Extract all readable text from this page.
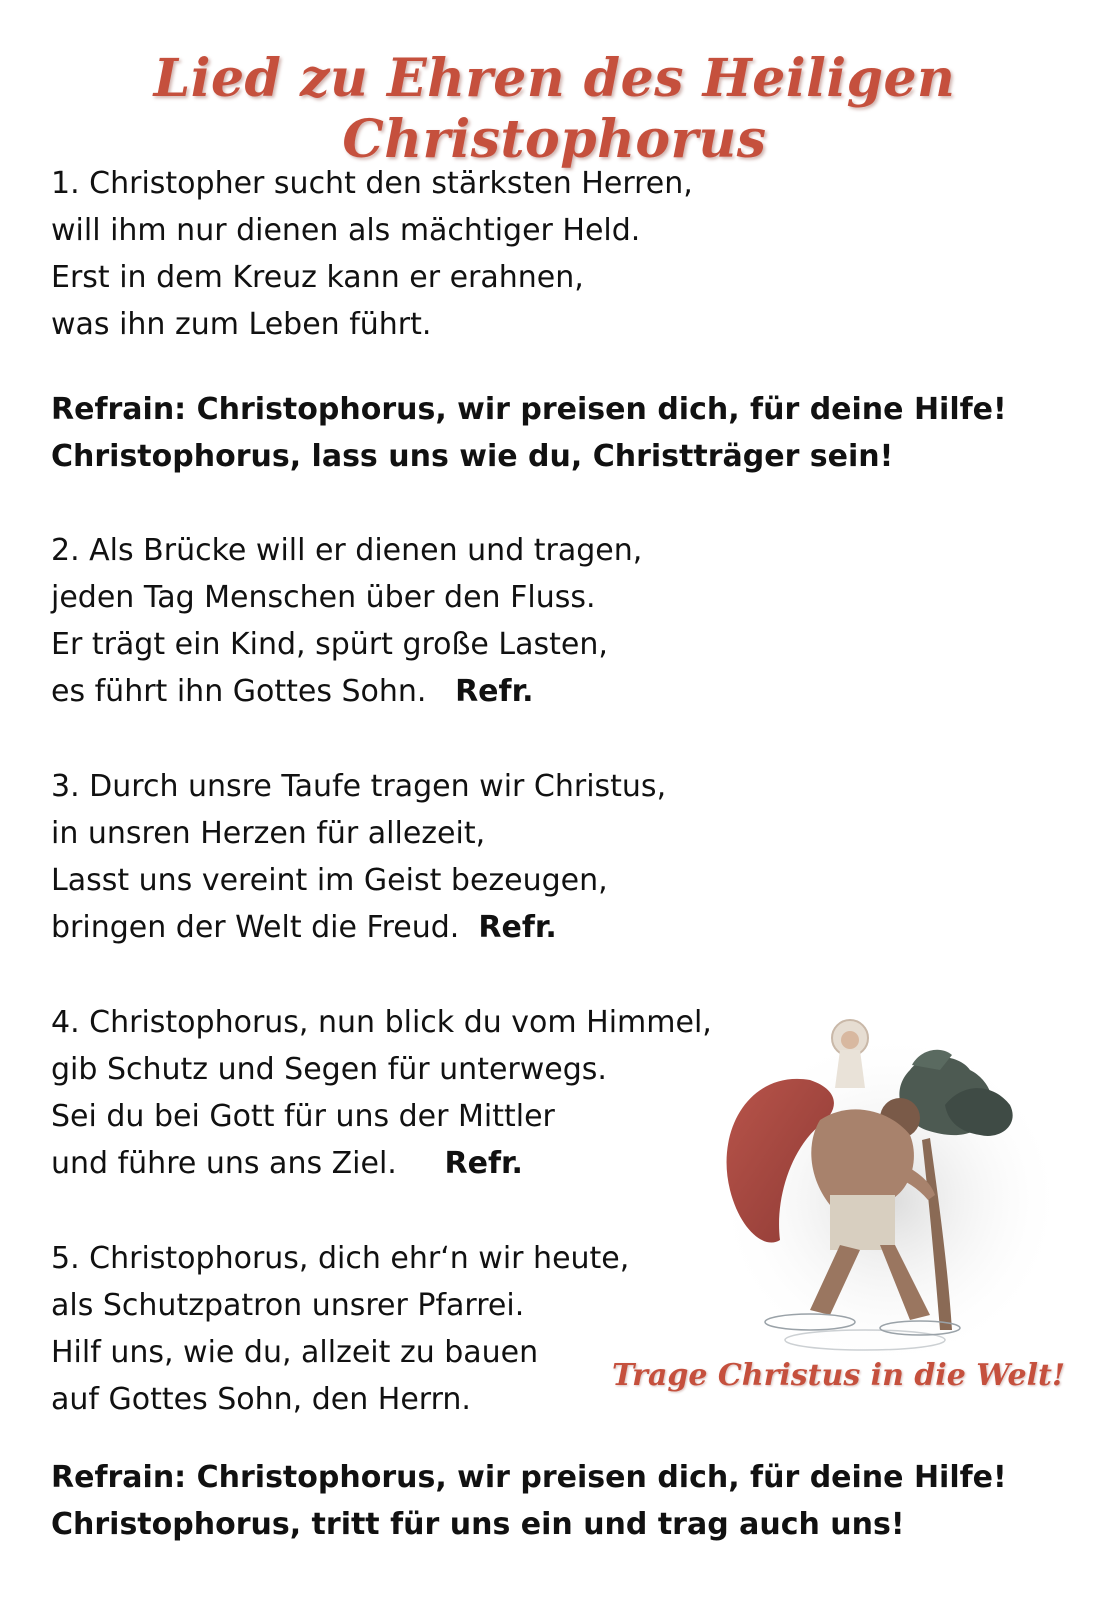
Lied zu Ehren des Heiligen Christophorus
1. Christopher sucht den stärksten Herren,
will ihm nur dienen als mächtiger Held.
Erst in dem Kreuz kann er erahnen,
was ihn zum Leben führt.
Refrain: Christophorus, wir preisen dich, für deine Hilfe!
Christophorus, lass uns wie du, Christträger sein!
2. Als Brücke will er dienen und tragen,
jeden Tag Menschen über den Fluss.
Er trägt ein Kind, spürt große Lasten,
es führt ihn Gottes Sohn. Refr.
3. Durch unsre Taufe tragen wir Christus,
in unsren Herzen für allezeit,
Lasst uns vereint im Geist bezeugen,
bringen der Welt die Freud. Refr.
4. Christophorus, nun blick du vom Himmel,
gib Schutz und Segen für unterwegs.
Sei du bei Gott für uns der Mittler
und führe uns ans Ziel. Refr.
5. Christophorus, dich ehr‘n wir heute,
als Schutzpatron unsrer Pfarrei.
Hilf uns, wie du, allzeit zu bauen
auf Gottes Sohn, den Herrn.
Refrain: Christophorus, wir preisen dich, für deine Hilfe!
Christophorus, tritt für uns ein und trag auch uns!
Trage Christus in die Welt!
